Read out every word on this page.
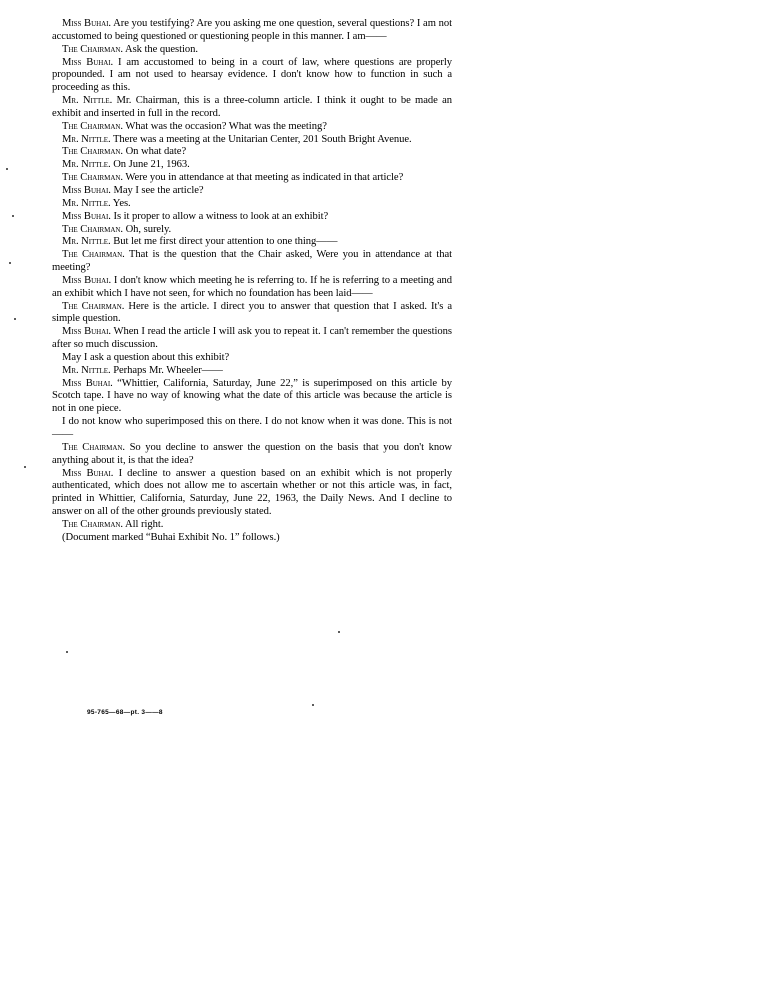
Miss Buhai. Are you testifying? Are you asking me one question, several questions? I am not accustomed to being questioned or questioning people in this manner. I am——

The Chairman. Ask the question.

Miss Buhai. I am accustomed to being in a court of law, where questions are properly propounded. I am not used to hearsay evidence. I don't know how to function in such a proceeding as this.

Mr. Nittle. Mr. Chairman, this is a three-column article. I think it ought to be made an exhibit and inserted in full in the record.

The Chairman. What was the occasion? What was the meeting?

Mr. Nittle. There was a meeting at the Unitarian Center, 201 South Bright Avenue.

The Chairman. On what date?

Mr. Nittle. On June 21, 1963.

The Chairman. Were you in attendance at that meeting as indicated in that article?

Miss Buhai. May I see the article?

Mr. Nittle. Yes.

Miss Buhai. Is it proper to allow a witness to look at an exhibit?

The Chairman. Oh, surely.

Mr. Nittle. But let me first direct your attention to one thing——

The Chairman. That is the question that the Chair asked, Were you in attendance at that meeting?

Miss Buhai. I don't know which meeting he is referring to. If he is referring to a meeting and an exhibit which I have not seen, for which no foundation has been laid——

The Chairman. Here is the article. I direct you to answer that question that I asked. It's a simple question.

Miss Buhai. When I read the article I will ask you to repeat it. I can't remember the questions after so much discussion.

May I ask a question about this exhibit?

Mr. Nittle. Perhaps Mr. Wheeler——

Miss Buhai. “Whittier, California, Saturday, June 22,” is superimposed on this article by Scotch tape. I have no way of knowing what the date of this article was because the article is not in one piece.

I do not know who superimposed this on there. I do not know when it was done. This is not——

The Chairman. So you decline to answer the question on the basis that you don't know anything about it, is that the idea?

Miss Buhai. I decline to answer a question based on an exhibit which is not properly authenticated, which does not allow me to ascertain whether or not this article was, in fact, printed in Whittier, California, Saturday, June 22, 1963, the Daily News. And I decline to answer on all of the other grounds previously stated.

The Chairman. All right.

(Document marked “Buhai Exhibit No. 1” follows.)

95-765—68—pt. 3——8
